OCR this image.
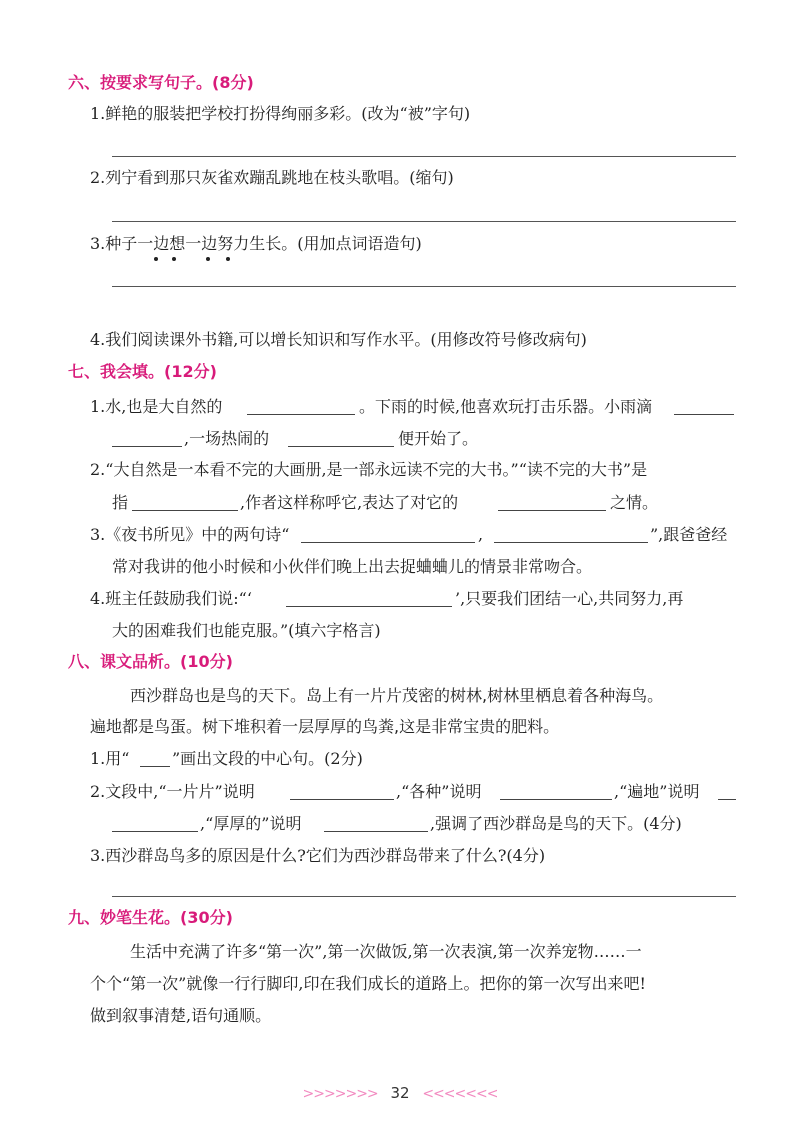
六、按要求写句子。(8分)
1.鲜艳的服装把学校打扮得绚丽多彩。(改为“被”字句)
2.列宁看到那只灰雀欢蹦乱跳地在枝头歌唱。(缩句)
3.种子一边想一边努力生长。(用加点词语造句)
4.我们阅读课外书籍,可以增长知识和写作水平。(用修改符号修改病句)
七、我会填。(12分)
1.水,也是大自然的	。下雨的时候,他喜欢玩打击乐器。小雨滴
,一场热闹的	便开始了。
2.“大自然是一本看不完的大画册,是一部永远读不完的大书。”“读不完的大书”是
指	,作者这样称呼它,表达了对它的	之情。
3.《夜书所见》中的两句诗“	,	”,跟爸爸经
常对我讲的他小时候和小伙伴们晚上出去捉蛐蛐儿的情景非常吻合。
4.班主任鼓励我们说:“‘	’,只要我们团结一心,共同努力,再
大的困难我们也能克服。”(填六字格言)
八、课文品析。(10分)
西沙群岛也是鸟的天下。岛上有一片片茂密的树林,树林里栖息着各种海鸟。
遍地都是鸟蛋。树下堆积着一层厚厚的鸟粪,这是非常宝贵的肥料。
1.用“	”画出文段的中心句。(2分)
2.文段中,“一片片”说明	,“各种”说明	,“遍地”说明
,“厚厚的”说明	,强调了西沙群岛是鸟的天下。(4分)
3.西沙群岛鸟多的原因是什么?它们为西沙群岛带来了什么?(4分)
九、妙笔生花。(30分)
生活中充满了许多“第一次”,第一次做饭,第一次表演,第一次养宠物……一
个个“第一次”就像一行行脚印,印在我们成长的道路上。把你的第一次写出来吧!
做到叙事清楚,语句通顺。
>>>>>>> 32 <<<<<<<
